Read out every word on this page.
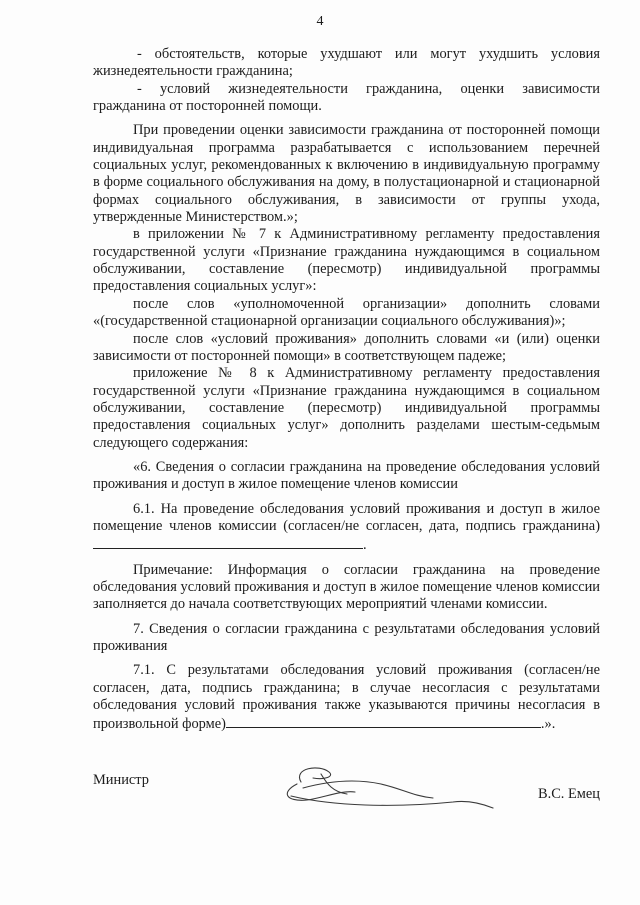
4

- обстоятельств, которые ухудшают или могут ухудшить условия жизнедеятельности гражданина;

- условий жизнедеятельности гражданина, оценки зависимости гражданина от посторонней помощи.

При проведении оценки зависимости гражданина от посторонней помощи индивидуальная программа разрабатывается с использованием перечней социальных услуг, рекомендованных к включению в индивидуальную программу в форме социального обслуживания на дому, в полустационарной и стационарной формах социального обслуживания, в зависимости от группы ухода, утвержденные Министерством.»;

в приложении № 7 к Административному регламенту предоставления государственной услуги «Признание гражданина нуждающимся в социальном обслуживании, составление (пересмотр) индивидуальной программы предоставления социальных услуг»:

после слов «уполномоченной организации» дополнить словами «(государственной стационарной организации социального обслуживания)»;

после слов «условий проживания» дополнить словами «и (или) оценки зависимости от посторонней помощи» в соответствующем падеже;

приложение № 8 к Административному регламенту предоставления государственной услуги «Признание гражданина нуждающимся в социальном обслуживании, составление (пересмотр) индивидуальной программы предоставления социальных услуг» дополнить разделами шестым-седьмым следующего содержания:

«6. Сведения о согласии гражданина на проведение обследования условий проживания и доступ в жилое помещение членов комиссии

6.1. На проведение обследования условий проживания и доступ в жилое помещение членов комиссии (согласен/не согласен, дата, подпись гражданина).

Примечание: Информация о согласии гражданина на проведение обследования условий проживания и доступ в жилое помещение членов комиссии заполняется до начала соответствующих мероприятий членами комиссии.

7. Сведения о согласии гражданина с результатами обследования условий проживания

7.1. С результатами обследования условий проживания (согласен/не согласен, дата, подпись гражданина; в случае несогласия с результатами обследования условий проживания также указываются причины несогласия в произвольной форме)	.».

Министр
В.С. Емец
